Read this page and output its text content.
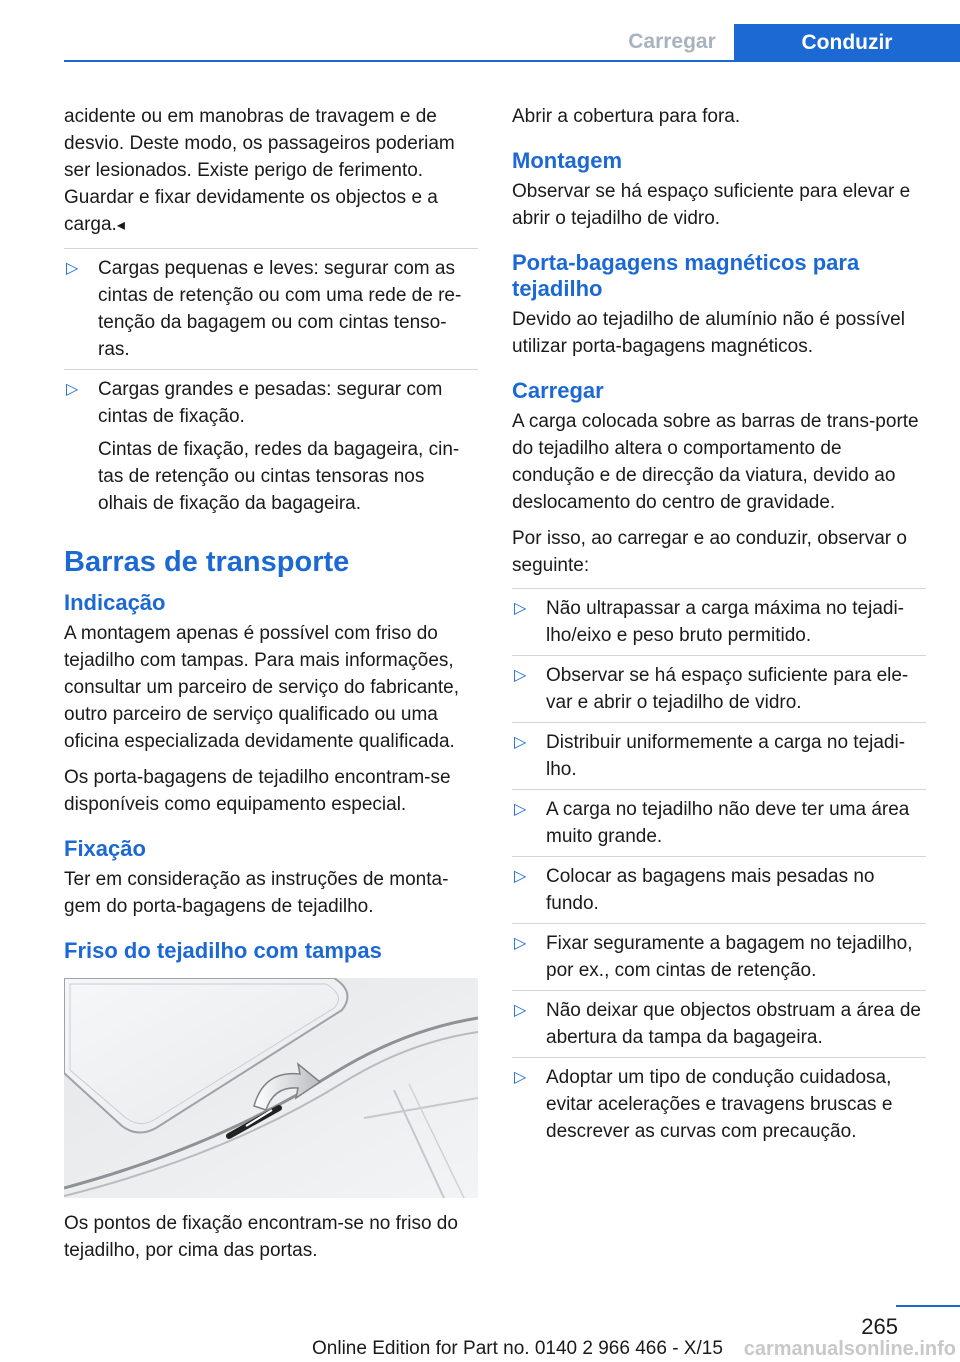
Carregar	Conduzir

acidente ou em manobras de travagem e de desvio. Deste modo, os passageiros poderiam ser lesionados. Existe perigo de ferimento. Guardar e fixar devidamente os objectos e a carga.◂

▷ Cargas pequenas e leves: segurar com as cintas de retenção ou com uma rede de re‐tenção da bagagem ou com cintas tenso‐ras.
▷ Cargas grandes e pesadas: segurar com cintas de fixação.
Cintas de fixação, redes da bagageira, cin‐tas de retenção ou cintas tensoras nos olhais de fixação da bagageira.
Barras de transporte
Indicação

A montagem apenas é possível com friso do tejadilho com tampas. Para mais informações, consultar um parceiro de serviço do fabricante, outro parceiro de serviço qualificado ou uma oficina especializada devidamente qualificada.

Os porta-bagagens de tejadilho encontram-se disponíveis como equipamento especial.

Fixação

Ter em consideração as instruções de monta‐gem do porta-bagagens de tejadilho.

Friso do tejadilho com tampas

Os pontos de fixação encontram-se no friso do tejadilho, por cima das portas.

Abrir a cobertura para fora.

Montagem

Observar se há espaço suficiente para elevar e abrir o tejadilho de vidro.

Porta-bagagens magnéticos para tejadilho

Devido ao tejadilho de alumínio não é possível utilizar porta-bagagens magnéticos.

Carregar

A carga colocada sobre as barras de trans‐porte do tejadilho altera o comportamento de condução e de direcção da viatura, devido ao deslocamento do centro de gravidade.

Por isso, ao carregar e ao conduzir, observar o seguinte:

▷ Não ultrapassar a carga máxima no tejadi‐lho/eixo e peso bruto permitido.
▷ Observar se há espaço suficiente para ele‐var e abrir o tejadilho de vidro.
▷ Distribuir uniformemente a carga no tejadi‐lho.
▷ A carga no tejadilho não deve ter uma área muito grande.
▷ Colocar as bagagens mais pesadas no fundo.
▷ Fixar seguramente a bagagem no tejadilho, por ex., com cintas de retenção.
▷ Não deixar que objectos obstruam a área de abertura da tampa da bagageira.
▷ Adoptar um tipo de condução cuidadosa, evitar acelerações e travagens bruscas e descrever as curvas com precaução.
265
Online Edition for Part no. 0140 2 966 466 - X/15 carmanualsonline.info
